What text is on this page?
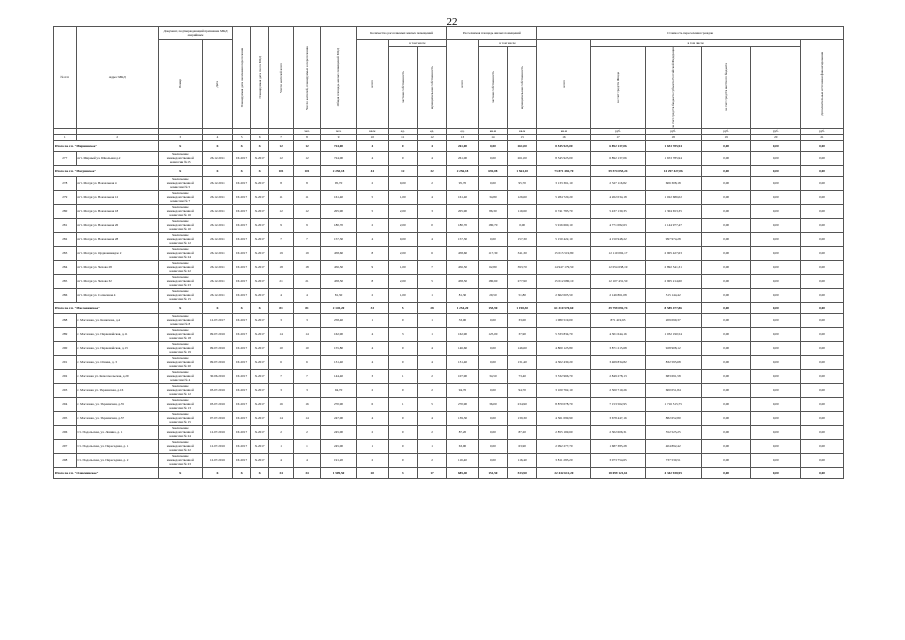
22
№ п/п	Адрес МКД	Документ, подтверждающий признание МКД аварийным		Планируемая дата окончания переселения	Планируемая дата сноса МКД	Число жителей всего	Число жителей, планируемых к переселению	Общая площадь жилых помещений МКД	Количество расселяемых жилых помещений			Расселяемая площадь жилых помещений			Стоимость переселения граждан					

		Номер	Дата						всего	в том числе		всего	в том числе		всего	в том числе				Дополнительные источники финансирования

										частная собственность	муниципальная собственность		частная собственность	муниципальная собственность		за счет средств Фонда	за счет средств бюджета субъекта Российской Федерации	за счет средств местного бюджета		

							чел.	чел.	кв.м	ед.	ед.	ед.	кв.м	кв.м	кв.м	руб.	руб.	руб.	руб.	руб.
1	2	3	4	5	6	7	8	9	10	11	12	13	14	15	16	17	18	19	20	21
Итого по г.п. "Мирнинское"		X	X	X	X	12	12	724,00	4	0	4	261,00	0,00	261,00	8 545 923,00	6 892 137,06	1 653 785,94	0,00	0,00	0,00
277	пгт. Мирный ул. Школьная д.2	Заключение межведомственной комиссии №15	26.12.2011	IX.2017	X.2017	12	12	724,00	4	0	4	261,00	0,00	261,00	8 545 923,00	6 892 137,06	1 653 785,94	0,00	0,00	0,00
Итого по г.п. "Могдинское"		X	X	X	X	101	101	2 250,18	44	12	32	2 256,18	692,08	1 564,10	73 871 482,70	59 574 055,24	14 297 427,06	0,00	0,00	0,00
278	пгт. Могдя ул. Вокзальная 4	Заключение межведомственной комиссии № 5	26.12.2011	IX.2017	X.2017	8	8	95,70	2	0,00	2	95,70	0,00	95,70	3 133 361,10	2 527 116,82	606 308,18	0,00	0,00	0,00
279	пгт. Могдя ул. Вокзальная 12	Заключение межведомственной комиссии № 7	26.12.2011	IX.2017	X.2017	11	11	161,40	5	1,00	4	161,40	34,80	126,60	5 284 720,20	4 262 034,18	1 022 686,02	0,00	0,00	0,00
280	пгт. Могдя ул. Вокзальная 18	Заключение межведомственной комиссии № 16	26.12.2011	IX.2017	X.2017	12	12	205,90	5	2,00	3	205,90	86,30	119,60	6 741 783,70	5 437 130,35	1 304 653,35	0,00	0,00	0,00
281	пгт. Могдя ул. Вокзальная 26	Заключение межведомственной комиссии № 10	26.12.2011	IX.2017	X.2017	9	9	180,70	2	2,00	0	180,70	180,70	0,00	5 916 660,10	4 771 082,63	1 144 977,47	0,00	0,00	0,00
282	пгт. Могдя ул. Вокзальная 28	Заключение межведомственной комиссии № 12	26.12.2011	IX.2017	X.2017	7	7	157,30	4	0,00	4	157,30	0,00	157,30	5 150 422,10	4 150 948,22	997 974,28	0,00	0,00	0,00
283	пгт. Могдя ул. Орджоникидзе 2	Заключение межведомственной комиссии № 24	26.12.2011	IX.2017	X.2017	19	19	458,60	8	2,00	6	458,60	117,30	341,30	15 015 519,80	12 110 092,17	2 905 427,63	0,00	0,00	0,00
284	пгт. Могдя ул. Чехова 28	Заключение межведомственной комиссии № 22	26.12.2011	IX.2017	X.2017	18	18	456,50	9	1,00	7	456,50	62,80	393,70	14 947 179,50	12 054 638,19	2 892 541,31	0,00	0,00	0,00
285	пгт. Могдя ул. Чехова 32	Заключение межведомственной комиссии № 23	26.12.2011	IX.2017	X.2017	21	21	458,50	8	2,00	5	458,50	180,60	277,90	15 012 680,10	12 107 431,50	2 905 214,60	0,00	0,00	0,00
286	пгт. Могдя ул. Солнечная 4	Заключение межведомственной комиссии № 15	26.12.2011	IX.2017	X.2017	4	4	81,30	2	1,00	1	81,30	29,50	51,80	2 662 005,50	2 146 861,08	515 144,42	0,00	0,00	0,00
Итого по г.п. "Масловинское"		X	X	X	X	81	81	2 145,20	33	5	28	1 254,20	155,90	1 198,30	61 310 570,60	39 799 092,74	8 589 477,86	0,00	0,00	0,00
288	г. Масловка, ул. Конюхова, д.4	Заключение межведомственной комиссии № 8	12.07.2017	IX.2017	X.2017	3	3	258,40	1	0	1	33,00	0,00	33,00	1 080 519,00	871 419,63	209 099,37	0,00	0,00	0,00
289	г. Масловка, ул. Первомайская, д.11	Заключение межведомственной комиссии № 18	09.07.2016	IX.2017	X.2017	14	14	162,90	4	3	1	162,90	125,00	37,90	5 333 834,70	4 301 644,16	1 032 190,54	0,00	0,00	0,00
290	г. Масловка, ул. Первомайская, д.13	Заключение межведомственной комиссии № 19	09.07.2016	IX.2017	X.2017	10	10	155,80	4	0	4	146,60	0,00	146,60	4 800 123,80	3 871 215,68	928 908,12	0,00	0,00	0,00
291	г. Масловка, ул. Огнева, д. 3	Заключение межведомственной комиссии № 20	09.07.2016	IX.2017	X.2017	6	6	131,40	4	0	4	131,40	0,00	131,40	4 302 430,20	3 469 834,82	832 595,68	0,00	0,00	0,00
292	г. Масловка ул. Комсомольская, д.29	Заключение межведомственной комиссии № 4	30.06.2016	IX.2017	X.2017	7	7	144,40	3	1	2	107,90	34,50	73,40	3 532 966,70	2 849 278,13	683 691,58	0,00	0,00	0,00
293	г. Масловка ул. Украинская, д.16	Заключение межведомственной комиссии № 12	03.07.2016	IX.2017	X.2017	3	3	94,70	2	0	2	94,70	0,00	94,70	3 100 762,10	2 500 710,26	600 051,84	0,00	0,00	0,00
294	г. Масловка, ул. Украинская, д.35	Заключение межведомственной комиссии № 13	03.07.2016	IX.2017	X.2017	16	16	270,90	6	1	5	270,90	36,00	234,90	8 870 078,70	7 153 562,95	1 716 515,75	0,00	0,00	0,00
295	г. Масловка, ул. Украинская, д.37	Заключение межведомственной комиссии № 15	07.07.2016	IX.2017	X.2017	14	14	247,00	4	0	4	139,30	0,00	139,30	4 561 099,90	3 678 447,16	882 652,80	0,00	0,00	0,00
296	Ст. Подольская, ул. Ленина, д. 1	Заключение межведомственной комиссии № 24	12.07.2016	IX.2017	X.2017	2	2	245,00	2	0	2	87,20	0,00	87,20	2 855 169,60	2 302 606,31	552 525,25	0,00	0,00	0,00
297	Ст. Подольская, ул. Пересадная, д. 1	Заключение межведомственной комиссии № 22	12.07.2016	IX.2017	X.2017	1	1	245,00	1	0	1	63,90	0,00	63,90	2 092 277,70	1 687 385,28	404 892,42	0,00	0,00	0,00
298	Ст. Подольская, ул. Пересадная, д. 2	Заключение межведомственной комиссии № 23	12.07.2016	IX.2017	X.2017	4	4	191,20	2	0	2	116,40	0,00	116,40	3 811 283,20	3 073 754,65	737 530,51	0,00	0,00	0,00
Итого по г.п. "Олекминское"		X	X	X	X	34	34	1 509,50	20	3	17	685,40	151,50	533,90	22 442 612,20	18 099 121,61	4 342 938,95	0,00	0,00	0,00
